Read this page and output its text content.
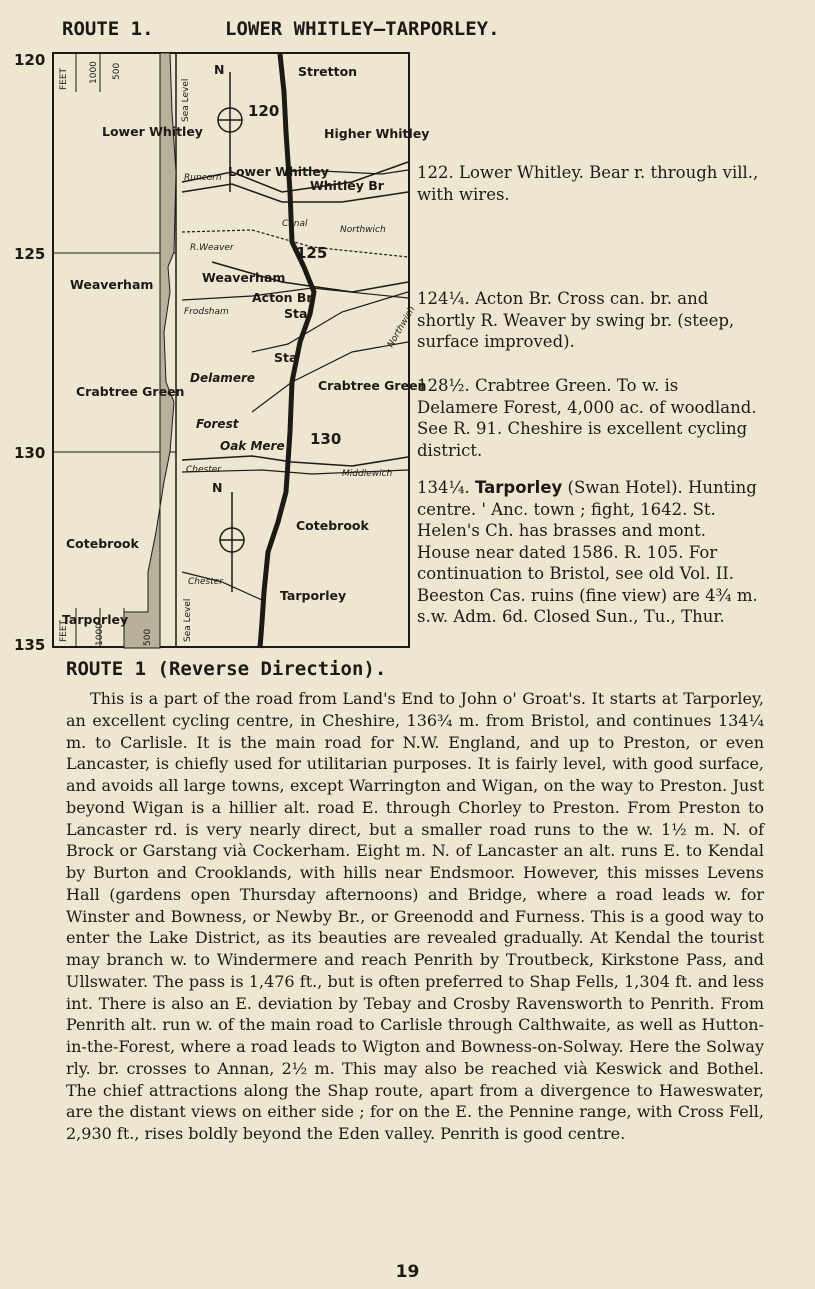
ROUTE 1.	LOWER WHITLEY—TARPORLEY.
120
125
130
135
FEET 1000 500
Sea Level
FEET	1000	500	Sea Level
Lower Whitley
Weaverham
Crabtree Green
Cotebrook
Tarporley
N
N
Stretton
Higher Whitley
Lower Whitley
Whitley Br
Weaverham
Acton Br
Sta
Sta
Delamere
Forest
Oak Mere
Crabtree Green
Cotebrook
Tarporley
Runcorn
Canal
Northwich
R.Weaver
Frodsham	Northwich
Chester	Middlewich
Chester
120
125
130

122. Lower Whitley. Bear r. through vill., with wires.

124¼. Acton Br. Cross can. br. and shortly R. Weaver by swing br. (steep, surface improved).

128½. Crabtree Green. To w. is Delamere Forest, 4,000 ac. of woodland. See R. 91. Cheshire is excellent cycling district.

134¼. Tarporley (Swan Hotel). Hunting centre. ' Anc. town ; fight, 1642. St. Helen's Ch. has brasses and mont. House near dated 1586. R. 105. For continuation to Bristol, see old Vol. II. Beeston Cas. ruins (fine view) are 4¾ m. s.w. Adm. 6d. Closed Sun., Tu., Thur.

ROUTE 1 (Reverse Direction).

This is a part of the road from Land's End to John o' Groat's. It starts at Tarporley, an excellent cycling centre, in Cheshire, 136¾ m. from Bristol, and continues 134¼ m. to Carlisle. It is the main road for N.W. England, and up to Preston, or even Lancaster, is chiefly used for utilitarian purposes. It is fairly level, with good surface, and avoids all large towns, except Warrington and Wigan, on the way to Preston. Just beyond Wigan is a hillier alt. road E. through Chorley to Preston. From Preston to Lancaster rd. is very nearly direct, but a smaller road runs to the w. 1½ m. N. of Brock or Garstang vià Cockerham. Eight m. N. of Lancaster an alt. runs E. to Kendal by Burton and Crooklands, with hills near Endsmoor. However, this misses Levens Hall (gardens open Thursday afternoons) and Bridge, where a road leads w. for Winster and Bowness, or Newby Br., or Greenodd and Furness. This is a good way to enter the Lake District, as its beauties are revealed gradually. At Kendal the tourist may branch w. to Windermere and reach Penrith by Troutbeck, Kirkstone Pass, and Ullswater. The pass is 1,476 ft., but is often preferred to Shap Fells, 1,304 ft. and less int. There is also an E. deviation by Tebay and Crosby Ravensworth to Penrith. From Penrith alt. run w. of the main road to Carlisle through Calthwaite, as well as Hutton-in-the-Forest, where a road leads to Wigton and Bowness-on-Solway. Here the Solway rly. br. crosses to Annan, 2½ m. This may also be reached vià Keswick and Bothel. The chief attractions along the Shap route, apart from a divergence to Haweswater, are the distant views on either side ; for on the E. the Pennine range, with Cross Fell, 2,930 ft., rises boldly beyond the Eden valley. Penrith is good centre.

19
